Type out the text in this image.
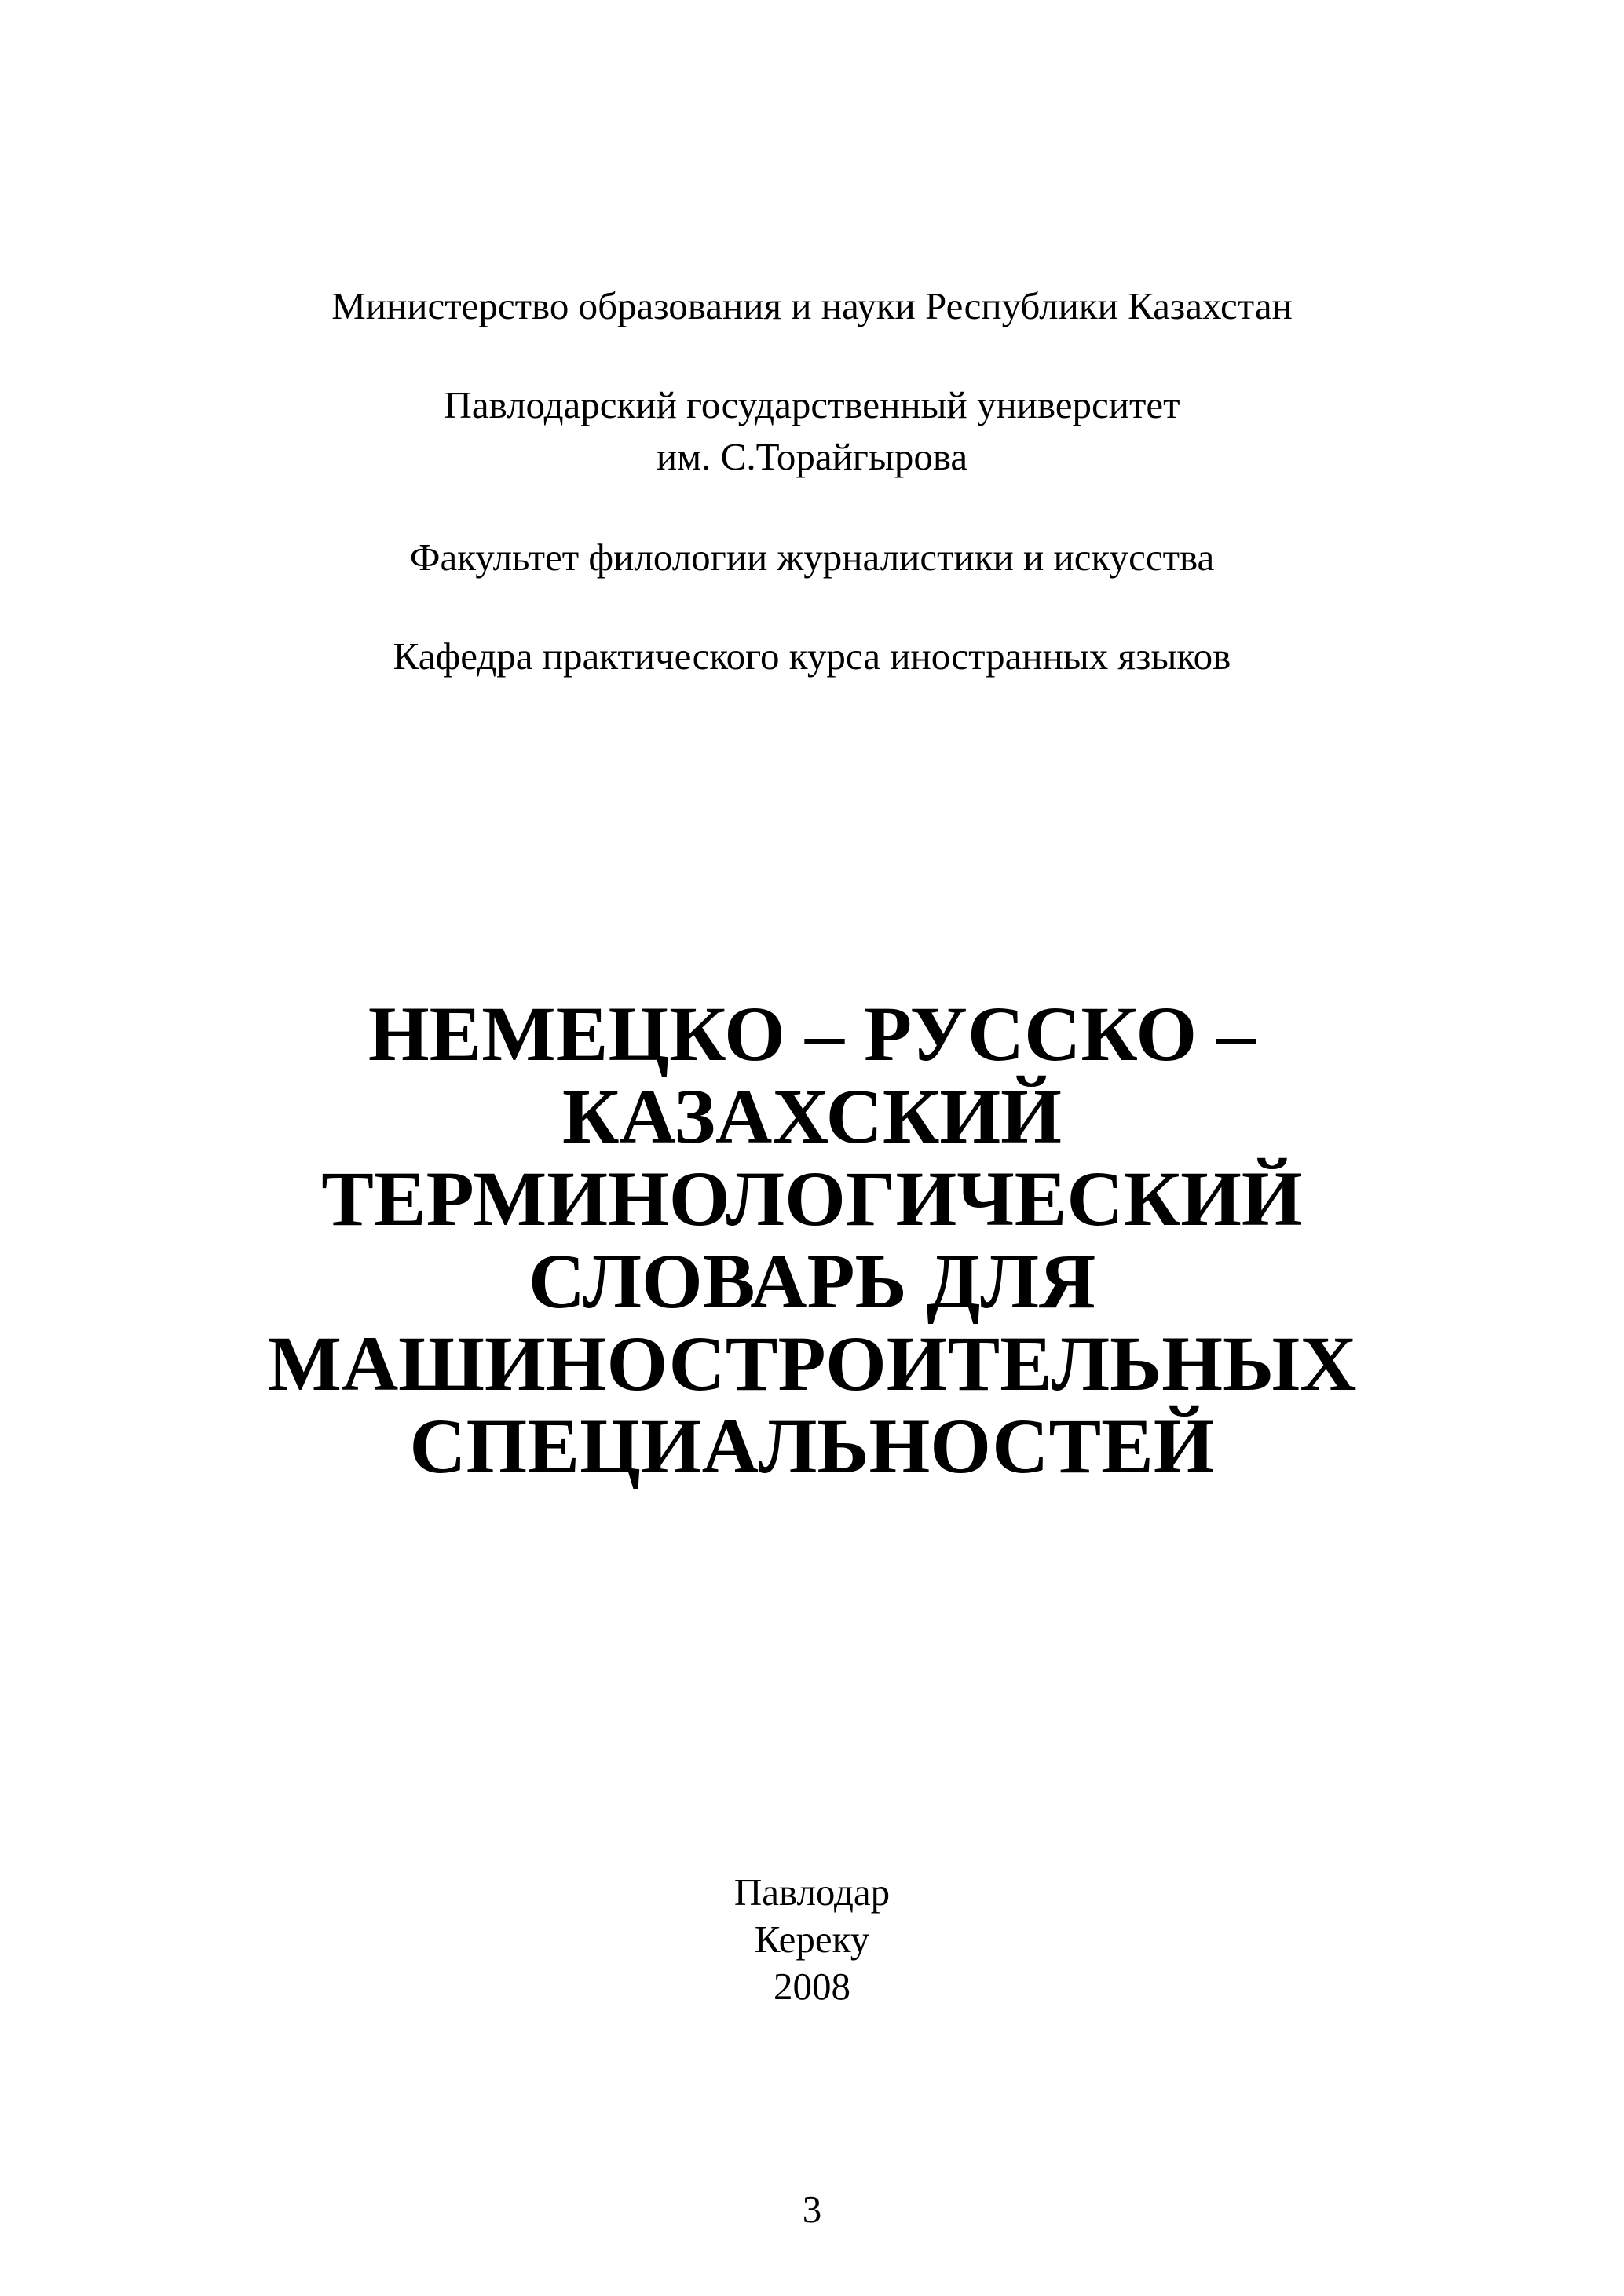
Министерство образования и науки Республики Казахстан
Павлодарский государственный университет
им. С.Торайгырова
Факультет филологии журналистики и искусства
Кафедра практического курса иностранных языков
НЕМЕЦКО – РУССКО –
КАЗАХСКИЙ
ТЕРМИНОЛОГИЧЕСКИЙ
СЛОВАРЬ ДЛЯ
МАШИНОСТРОИТЕЛЬНЫХ
СПЕЦИАЛЬНОСТЕЙ
Павлодар
Кереку
2008
3
